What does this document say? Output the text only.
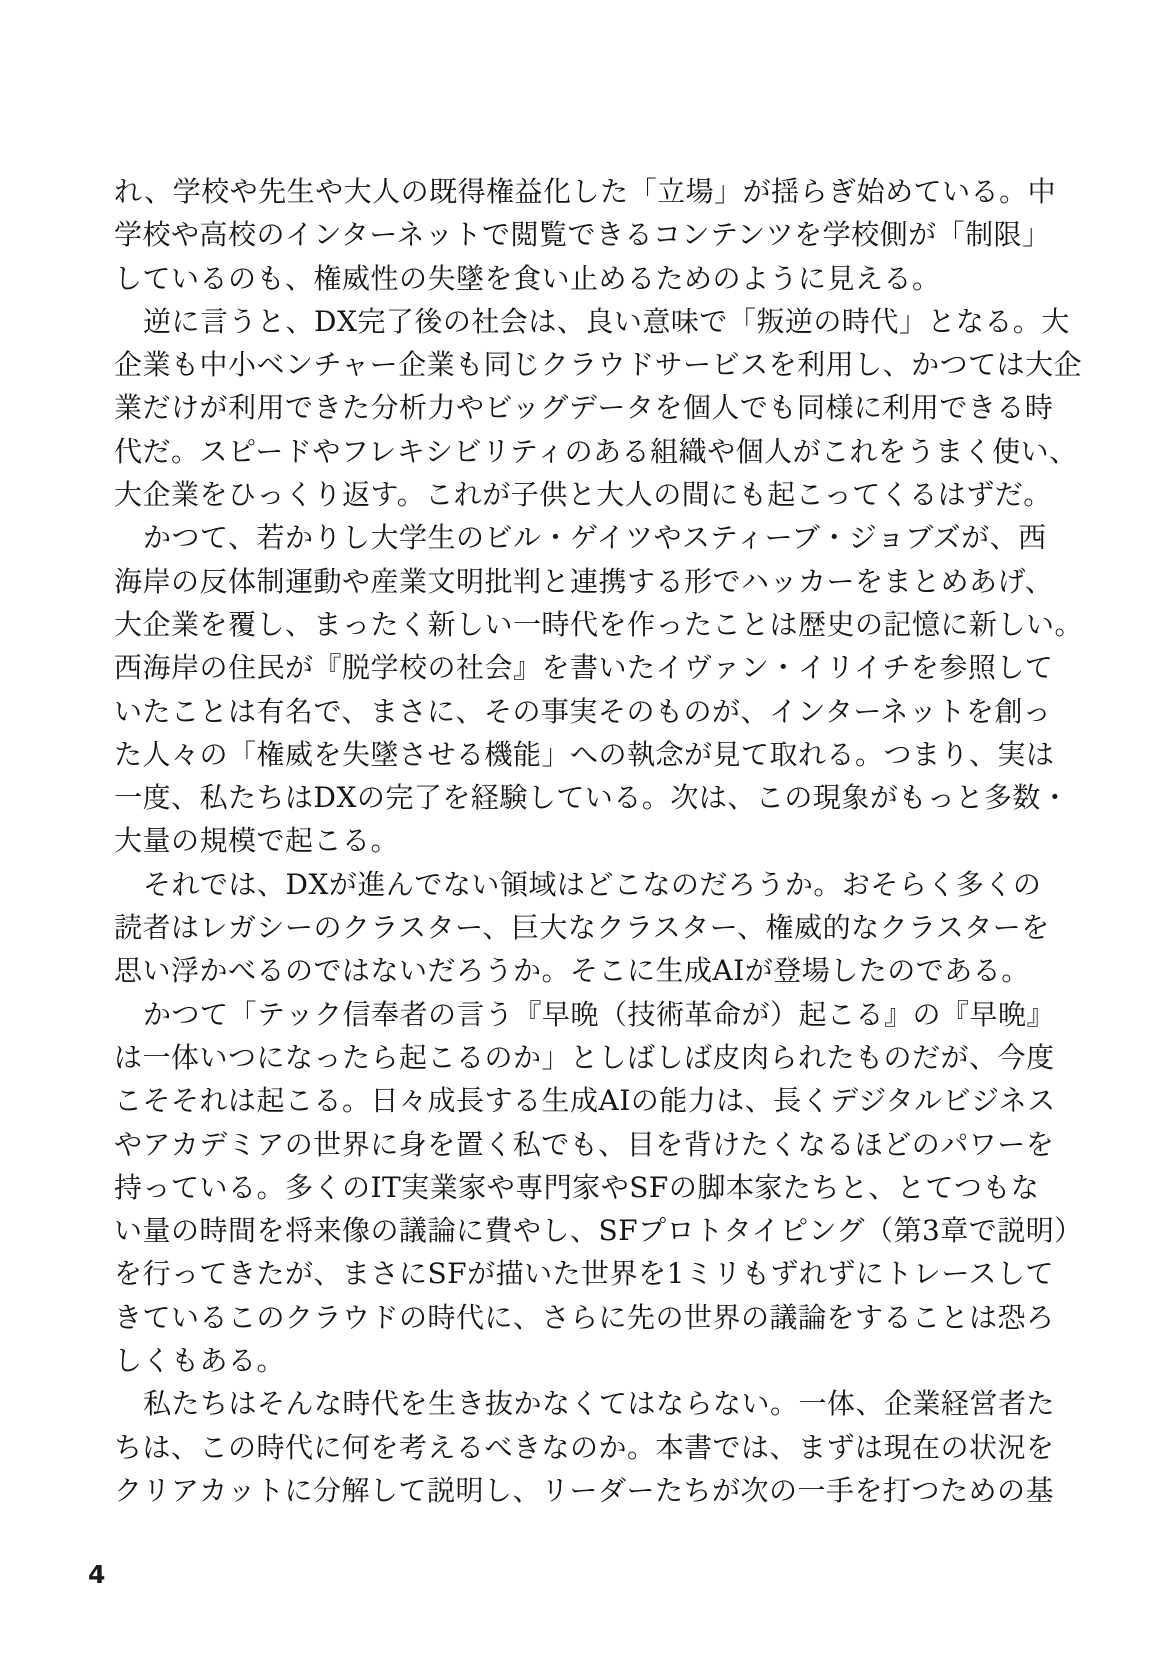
れ、学校や先生や大人の既得権益化した「立場」が揺らぎ始めている。中
学校や高校のインターネットで閲覧できるコンテンツを学校側が「制限」
しているのも、権威性の失墜を食い止めるためのように見える。
逆に言うと、DX完了後の社会は、良い意味で「叛逆の時代」となる。大
企業も中小ベンチャー企業も同じクラウドサービスを利用し、かつては大企
業だけが利用できた分析力やビッグデータを個人でも同様に利用できる時
代だ。スピードやフレキシビリティのある組織や個人がこれをうまく使い、
大企業をひっくり返す。これが子供と大人の間にも起こってくるはずだ。
かつて、若かりし大学生のビル・ゲイツやスティーブ・ジョブズが、西
海岸の反体制運動や産業文明批判と連携する形でハッカーをまとめあげ、
大企業を覆し、まったく新しい一時代を作ったことは歴史の記憶に新しい。
西海岸の住民が『脱学校の社会』を書いたイヴァン・イリイチを参照して
いたことは有名で、まさに、その事実そのものが、インターネットを創っ
た人々の「権威を失墜させる機能」への執念が見て取れる。つまり、実は
一度、私たちはDXの完了を経験している。次は、この現象がもっと多数・
大量の規模で起こる。
それでは、DXが進んでない領域はどこなのだろうか。おそらく多くの
読者はレガシーのクラスター、巨大なクラスター、権威的なクラスターを
思い浮かべるのではないだろうか。そこに生成AIが登場したのである。
かつて「テック信奉者の言う『早晩（技術革命が）起こる』の『早晩』
は一体いつになったら起こるのか」としばしば皮肉られたものだが、今度
こそそれは起こる。日々成長する生成AIの能力は、長くデジタルビジネス
やアカデミアの世界に身を置く私でも、目を背けたくなるほどのパワーを
持っている。多くのIT実業家や専門家やSFの脚本家たちと、とてつもな
い量の時間を将来像の議論に費やし、SFプロトタイピング（第3章で説明）
を行ってきたが、まさにSFが描いた世界を1ミリもずれずにトレースして
きているこのクラウドの時代に、さらに先の世界の議論をすることは恐ろ
しくもある。
私たちはそんな時代を生き抜かなくてはならない。一体、企業経営者た
ちは、この時代に何を考えるべきなのか。本書では、まずは現在の状況を
クリアカットに分解して説明し、リーダーたちが次の一手を打つための基
4
